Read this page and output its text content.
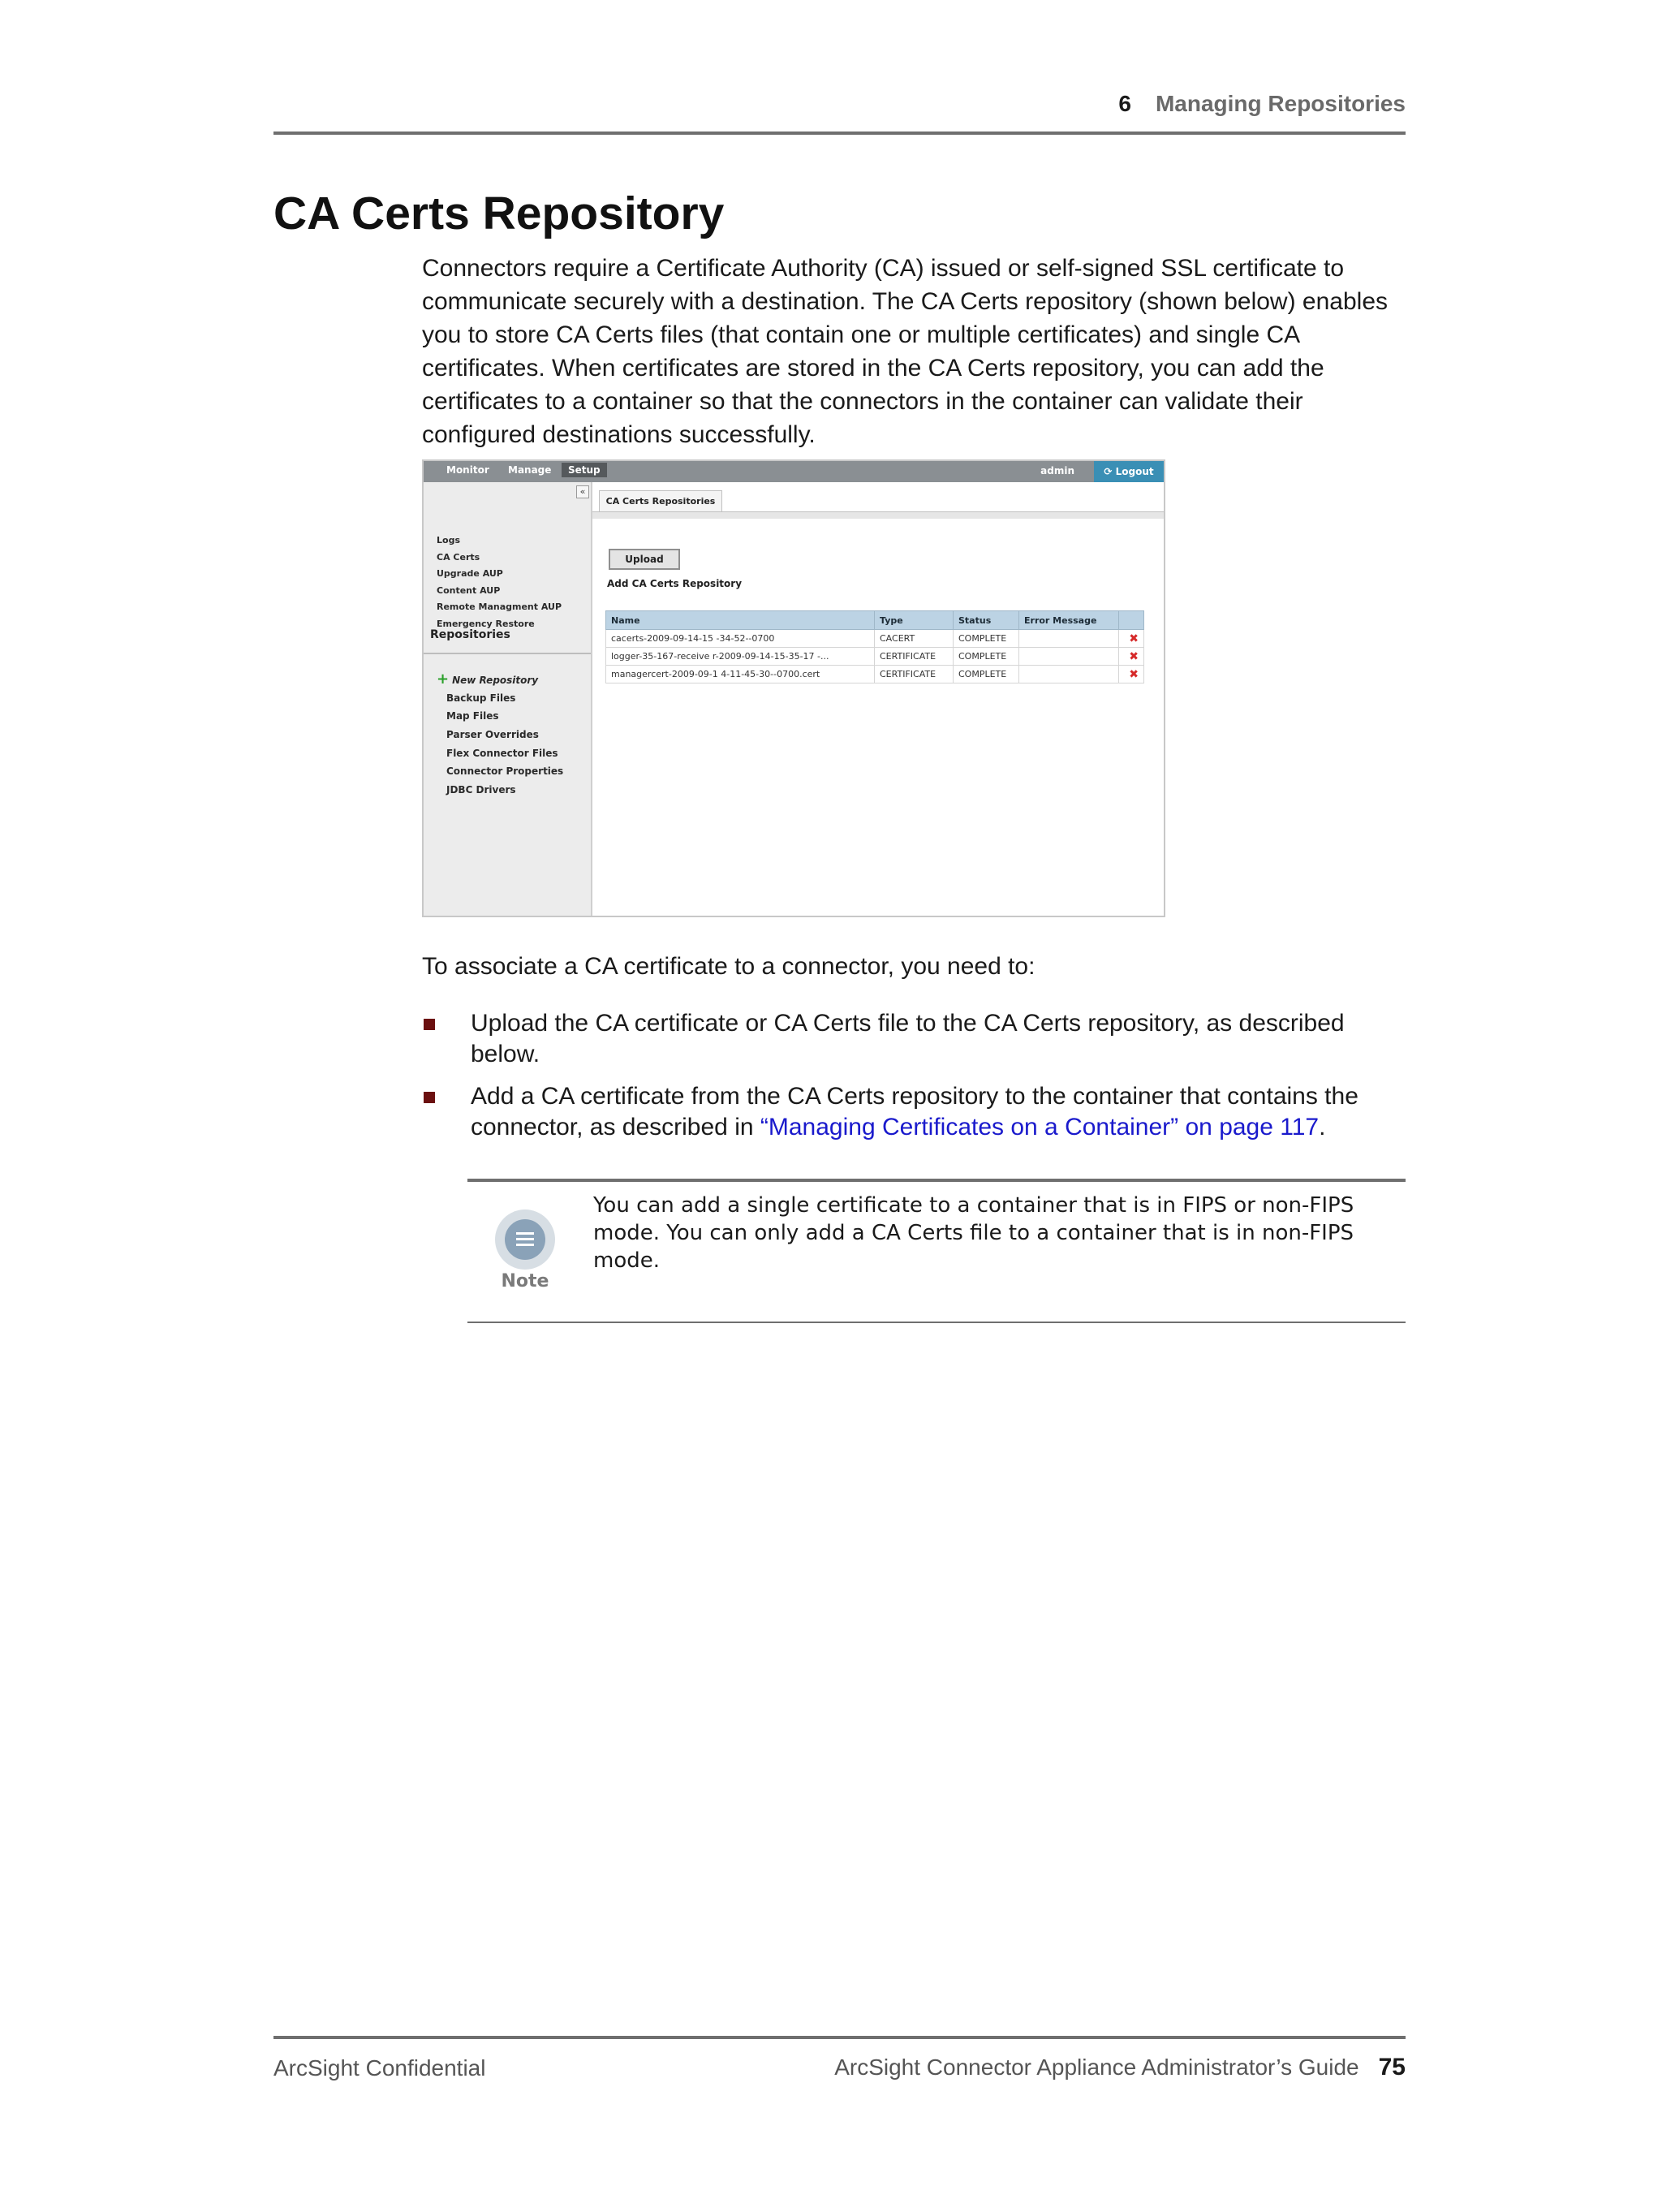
6 Managing Repositories
CA Certs Repository

Connectors require a Certificate Authority (CA) issued or self-signed SSL certificate to communicate securely with a destination. The CA Certs repository (shown below) enables you to store CA Certs files (that contain one or multiple certificates) and single CA certificates. When certificates are stored in the CA Certs repository, you can add the certificates to a container so that the connectors in the container can validate their configured destinations successfully.

Monitor Manage	Setup	admin	⟳ Logout
«
Logs
CA Certs
Upgrade AUP
Content AUP
Remote Managment AUP
Emergency Restore
Repositories
+ New Repository
Backup Files
Map Files
Parser Overrides
Flex Connector Files
Connector Properties
JDBC Drivers
CA Certs Repositories
Upload
Add CA Certs Repository
Name	Type	Status	Error Message	
cacerts-2009-09-14-15 -34-52--0700	CACERT	COMPLETE		✖
logger-35-167-receive r-2009-09-14-15-35-17 -...	CERTIFICATE	COMPLETE		✖
managercert-2009-09-1 4-11-45-30--0700.cert	CERTIFICATE	COMPLETE		✖

To associate a CA certificate to a connector, you need to:

Upload the CA certificate or CA Certs file to the CA Certs repository, as described below.
Add a CA certificate from the CA Certs repository to the container that contains the connector, as described in “Managing Certificates on a Container” on page 117.
Note

You can add a single certificate to a container that is in FIPS or non-FIPS mode. You can only add a CA Certs file to a container that is in non-FIPS mode.

ArcSight Confidential	ArcSight Connector Appliance Administrator’s Guide 75
